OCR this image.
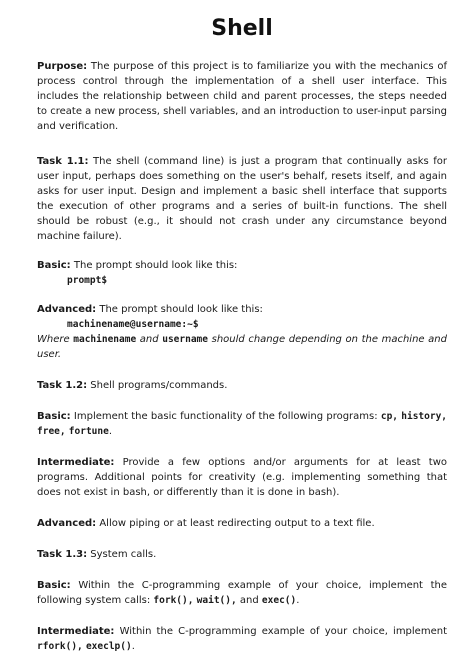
Shell

Purpose: The purpose of this project is to familiarize you with the mechanics of process control through the implementation of a shell user interface. This includes the relationship between child and parent processes, the steps needed to create a new process, shell variables, and an introduction to user-input parsing and verification.

Task 1.1: The shell (command line) is just a program that continually asks for user input, perhaps does something on the user's behalf, resets itself, and again asks for user input. Design and implement a basic shell interface that supports the execution of other programs and a series of built-in functions. The shell should be robust (e.g., it should not crash under any circumstance beyond machine failure).

Basic: The prompt should look like this:

prompt$

Advanced: The prompt should look like this:

machinename@username:~$

Where machinename and username should change depending on the machine and user.

Task 1.2: Shell programs/commands.

Basic: Implement the basic functionality of the following programs: cp, history, free, fortune.

Intermediate: Provide a few options and/or arguments for at least two programs. Additional points for creativity (e.g. implementing something that does not exist in bash, or differently than it is done in bash).

Advanced: Allow piping or at least redirecting output to a text file.

Task 1.3: System calls.

Basic: Within the C-programming example of your choice, implement the following system calls: fork(), wait(), and exec().

Intermediate: Within the C-programming example of your choice, implement rfork(), execlp().
